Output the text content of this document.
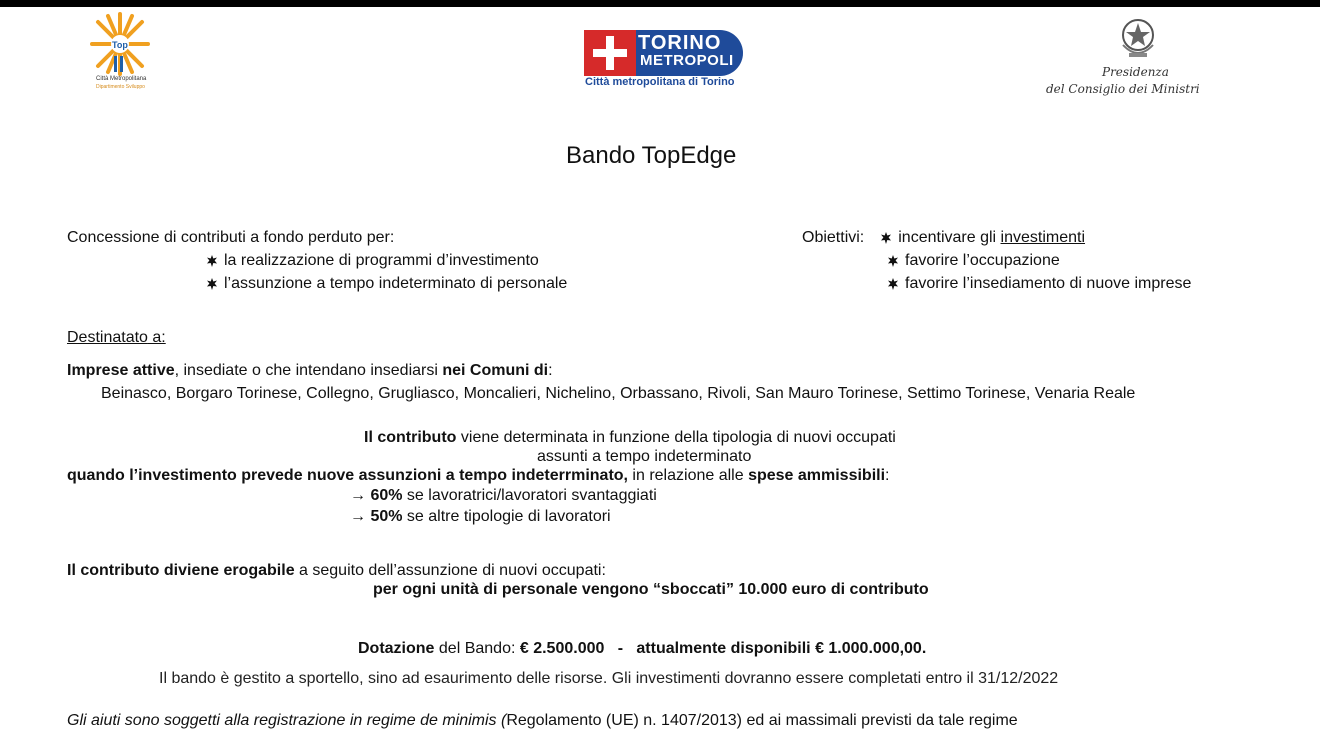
Top
Città Metropolitana
Dipartimento Sviluppo
TORINO
METROPOLI
Città metropolitana di Torino
Presidenza
del Consiglio dei Ministri
Bando TopEdge
Concessione di contributi a fondo perduto per:
la realizzazione di programmi d’investimento
l’assunzione a tempo indeterminato di personale
Obiettivi: incentivare gli investimenti
favorire l’occupazione
favorire l’insediamento di nuove imprese
Destinatato a:
Imprese attive, insediate o che intendano insediarsi nei Comuni di:
Beinasco, Borgaro Torinese, Collegno, Grugliasco, Moncalieri, Nichelino, Orbassano, Rivoli, San Mauro Torinese, Settimo Torinese, Venaria Reale
Il contributo viene determinata in funzione della tipologia di nuovi occupati
assunti a tempo indeterminato
quando l’investimento prevede nuove assunzioni a tempo indeterrminato, in relazione alle spese ammissibili:
→ 60% se lavoratrici/lavoratori svantaggiati
→ 50% se altre tipologie di lavoratori
Il contributo diviene erogabile a seguito dell’assunzione di nuovi occupati:
per ogni unità di personale vengono “sboccati” 10.000 euro di contributo
Dotazione del Bando: € 2.500.000   -   attualmente disponibili € 1.000.000,00.
Il bando è gestito a sportello, sino ad esaurimento delle risorse. Gli investimenti dovranno essere completati entro il 31/12/2022
Gli aiuti sono soggetti alla registrazione in regime de minimis (Regolamento (UE) n. 1407/2013) ed ai massimali previsti da tale regime
